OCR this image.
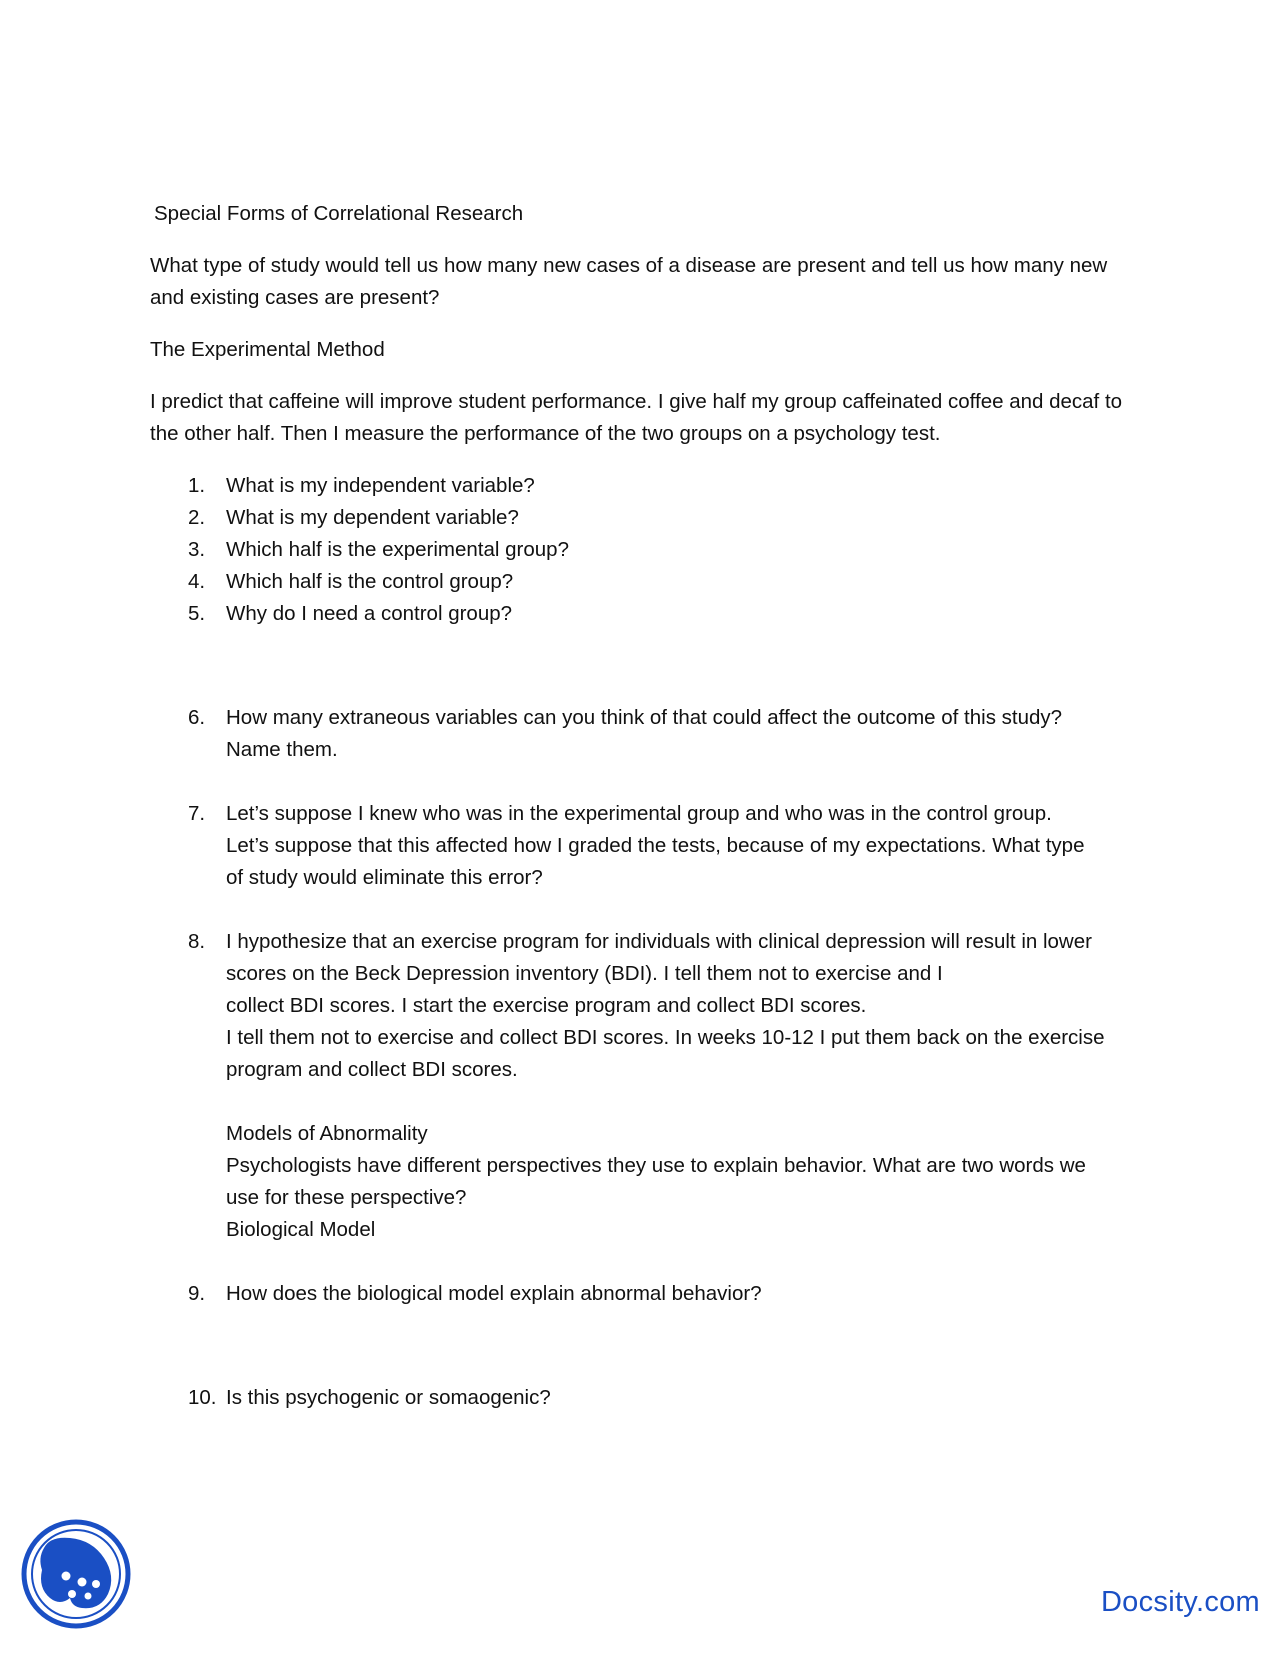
Special Forms of Correlational Research

What type of study would tell us how many new cases of a disease are present and tell us how many new and existing cases are present?

The Experimental Method

I predict that caffeine will improve student performance. I give half my group caffeinated coffee and decaf to the other half. Then I measure the performance of the two groups on a psychology test.

1. What is my independent variable?
2. What is my dependent variable?
3. Which half is the experimental group?
4. Which half is the control group?
5. Why do I need a control group?
6. How many extraneous variables can you think of that could affect the outcome of this study?
Name them.
7. Let’s suppose I knew who was in the experimental group and who was in the control group.
Let’s suppose that this affected how I graded the tests, because of my expectations. What type
of study would eliminate this error?
8. I hypothesize that an exercise program for individuals with clinical depression will result in lower
scores on the Beck Depression inventory (BDI). I tell them not to exercise and I
collect BDI scores. I start the exercise program and collect BDI scores.
I tell them not to exercise and collect BDI scores. In weeks 10-12 I put them back on the exercise
program and collect BDI scores.
Models of Abnormality
Psychologists have different perspectives they use to explain behavior. What are two words we
use for these perspective?
Biological Model
9. How does the biological model explain abnormal behavior?
10. Is this psychogenic or somaogenic?
Docsity.com
